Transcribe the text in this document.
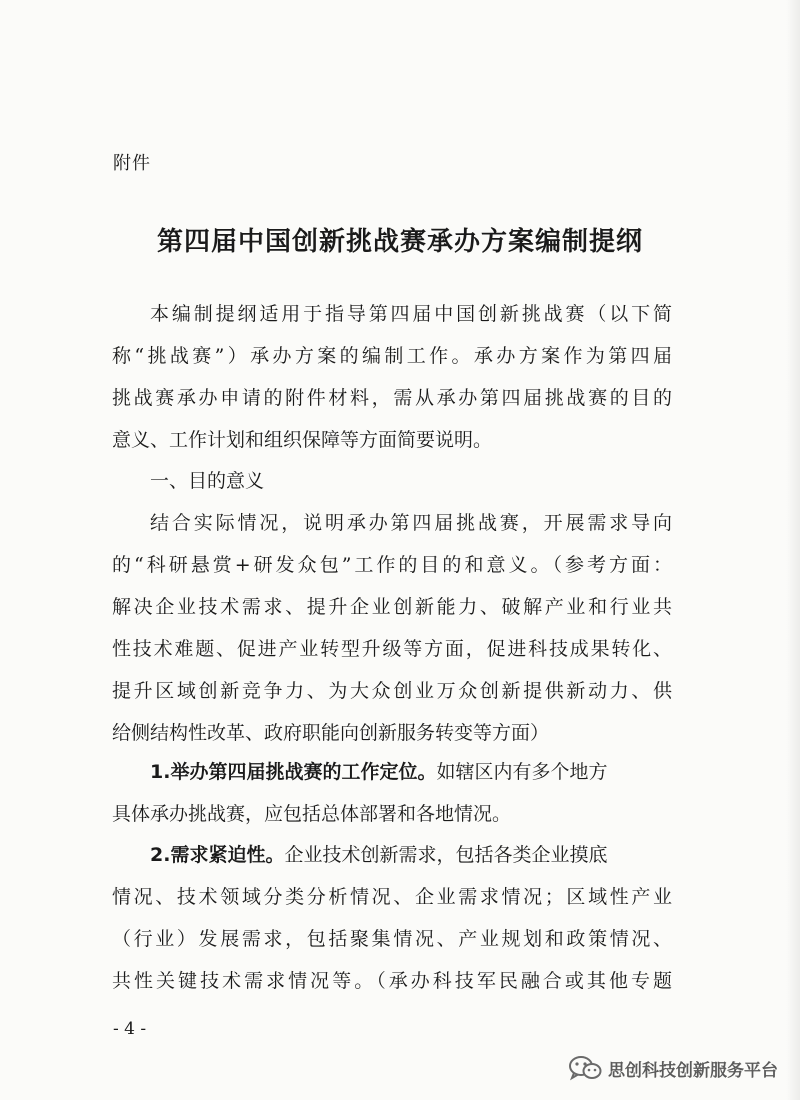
附件
第四届中国创新挑战赛承办方案编制提纲
本编制提纲适用于指导第四届中国创新挑战赛（以下简
称“挑战赛”）承办方案的编制工作。承办方案作为第四届
挑战赛承办申请的附件材料，需从承办第四届挑战赛的目的
意义、工作计划和组织保障等方面简要说明。
一、目的意义
结合实际情况，说明承办第四届挑战赛，开展需求导向
的“科研悬赏+研发众包”工作的目的和意义。（参考方面：
解决企业技术需求、提升企业创新能力、破解产业和行业共
性技术难题、促进产业转型升级等方面，促进科技成果转化、
提升区域创新竞争力、为大众创业万众创新提供新动力、供
给侧结构性改革、政府职能向创新服务转变等方面）
1.举办第四届挑战赛的工作定位。如辖区内有多个地方
具体承办挑战赛，应包括总体部署和各地情况。
2.需求紧迫性。企业技术创新需求，包括各类企业摸底
情况、技术领域分类分析情况、企业需求情况；区域性产业
（行业）发展需求，包括聚集情况、产业规划和政策情况、
共性关键技术需求情况等。（承办科技军民融合或其他专题
- 4 -
思创科技创新服务平台
